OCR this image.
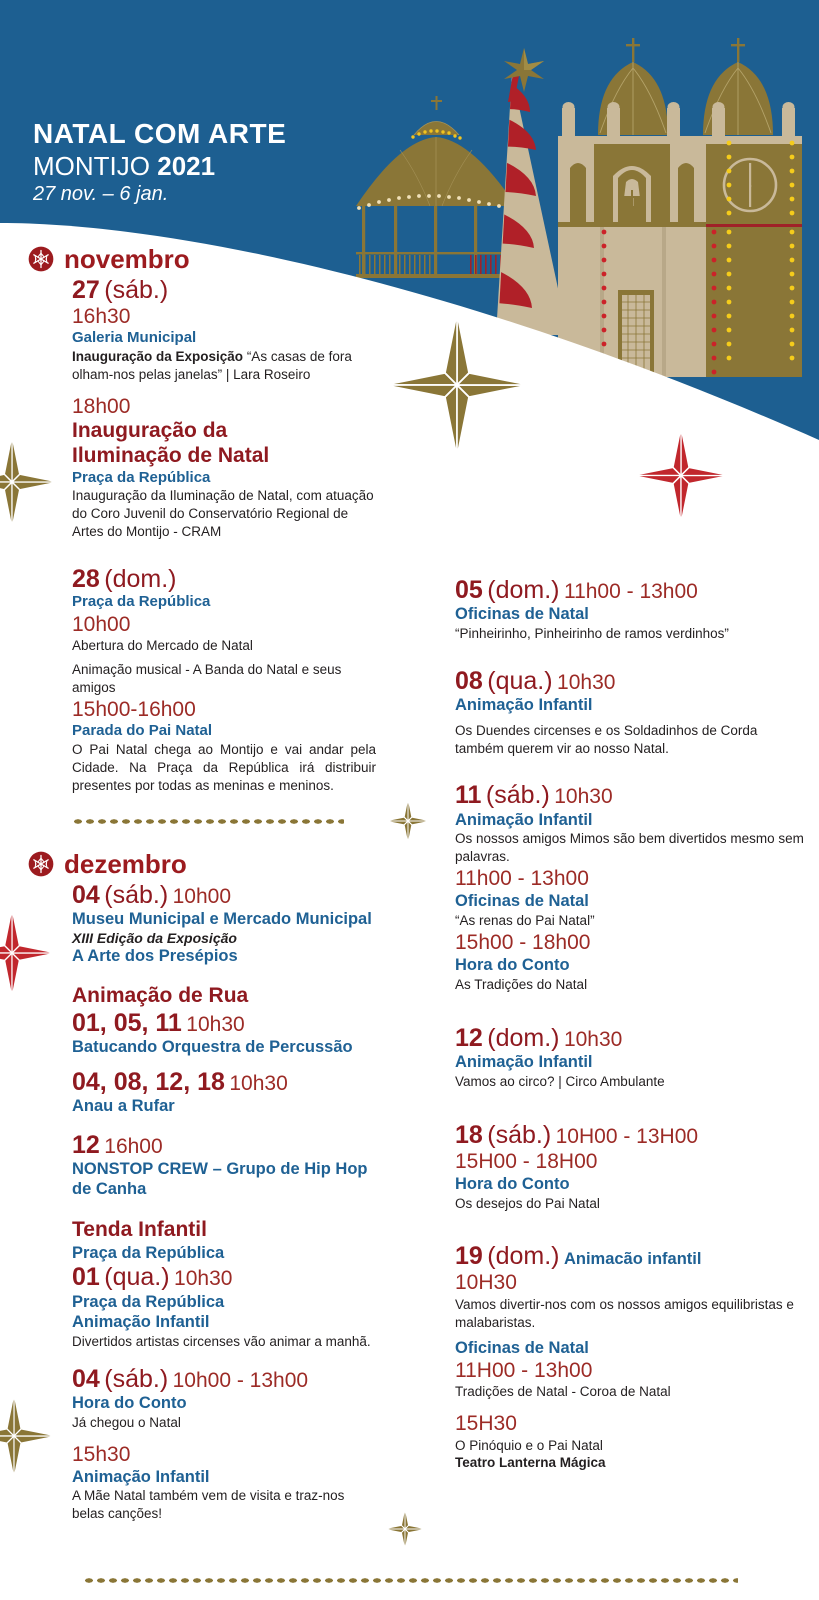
NATAL COM ARTE
MONTIJO 2021
27 nov. – 6 jan.
novembro
27 (sáb.)
16h30
Galeria Municipal
Inauguração da Exposição “As casas de fora olham-nos pelas janelas” | Lara Roseiro
18h00
Inauguração da
Iluminação de Natal
Praça da República
Inauguração da Iluminação de Natal, com atuação do Coro Juvenil do Conservatório Regional de Artes do Montijo - CRAM
28 (dom.)
Praça da República
10h00
Abertura do Mercado de Natal
Animação musical - A Banda do Natal e seus amigos
15h00-16h00
Parada do Pai Natal
O Pai Natal chega ao Montijo e vai andar pela Cidade. Na Praça da República irá distribuir presentes por todas as meninas e meninos.
dezembro
04 (sáb.) 10h00
Museu Municipal e Mercado Municipal
XIII Edição da Exposição
A Arte dos Presépios
Animação de Rua
01, 05, 11 10h30
Batucando Orquestra de Percussão
04, 08, 12, 18 10h30
Anau a Rufar
12 16h00
NONSTOP CREW – Grupo de Hip Hop de Canha
Tenda Infantil
Praça da República
01 (qua.) 10h30
Praça da República
Animação Infantil
Divertidos artistas circenses vão animar a manhã.
04 (sáb.) 10h00 - 13h00
Hora do Conto
Já chegou o Natal
15h30
Animação Infantil
A Mãe Natal também vem de visita e traz-nos belas canções!
05 (dom.) 11h00 - 13h00
Oficinas de Natal
“Pinheirinho, Pinheirinho de ramos verdinhos”
08 (qua.) 10h30
Animação Infantil
Os Duendes circenses e os Soldadinhos de Corda também querem vir ao nosso Natal.
11 (sáb.) 10h30
Animação Infantil
Os nossos amigos Mimos são bem divertidos mesmo sem palavras.
11h00 - 13h00
Oficinas de Natal
“As renas do Pai Natal”
15h00 - 18h00
Hora do Conto
As Tradições do Natal
12 (dom.) 10h30
Animação Infantil
Vamos ao circo? | Circo Ambulante
18 (sáb.) 10H00 - 13H00
15H00 - 18H00
Hora do Conto
Os desejos do Pai Natal
19 (dom.) Animacão infantil
10H30
Vamos divertir-nos com os nossos amigos equilibristas e malabaristas.
Oficinas de Natal
11H00 - 13h00
Tradições de Natal - Coroa de Natal
15H30
O Pinóquio e o Pai Natal
Teatro Lanterna Mágica
